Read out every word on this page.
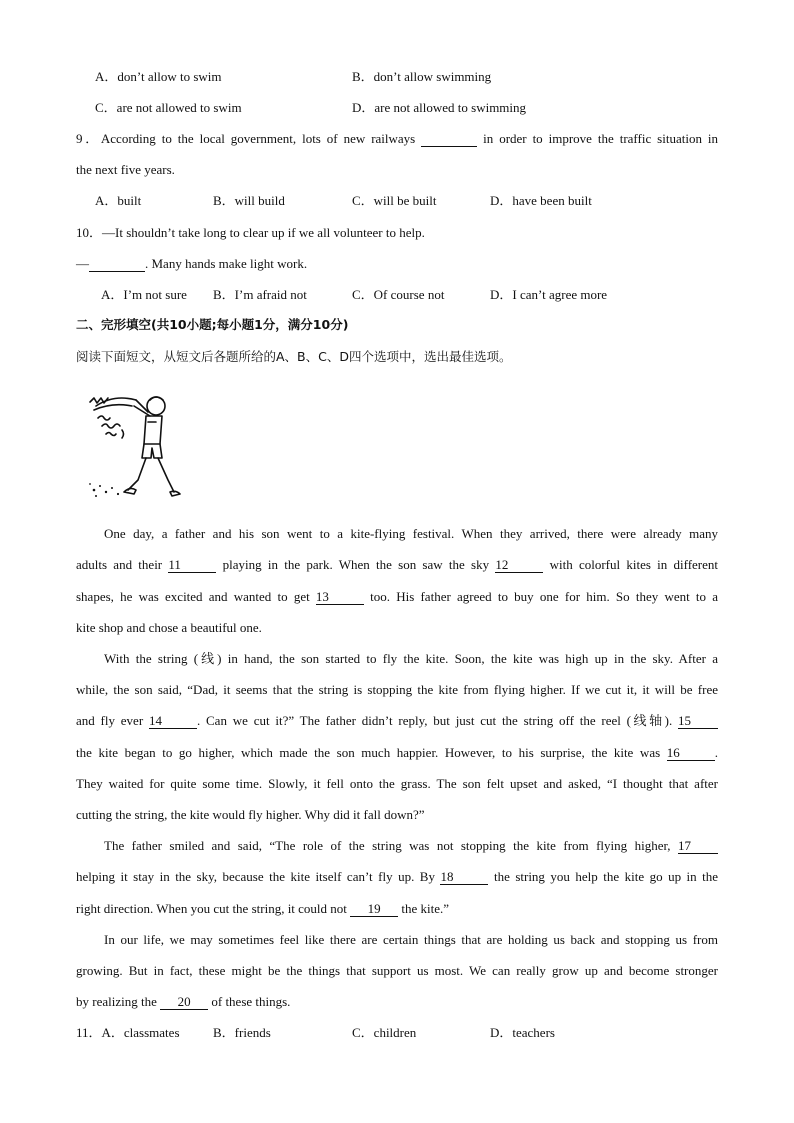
A．don’t allow to swim	B．don’t allow swimming
C．are not allowed to swim	D．are not allowed to swimming
9．According to the local government, lots of new railways	in order to improve the traffic situation in
the next five years.
A．built	B．will build	C．will be built	D．have been built
10．—It shouldn’t take long to clear up if we all volunteer to help.
—	. Many hands make light work.
A．I’m not sure B．I’m afraid not	C．Of course not	D．I can’t agree more
二、完形填空(共10小题;每小题1分，满分10分)
阅读下面短文，从短文后各题所给的A、B、C、D四个选项中，选出最佳选项。
One day, a father and his son went to a kite-flying festival. When they arrived, there were already many
adults and their 11	playing in the park. When the son saw the sky 12	with colorful kites in different
shapes, he was excited and wanted to get 13	too. His father agreed to buy one for him. So they went to a
kite shop and chose a beautiful one.
With the string (线) in hand, the son started to fly the kite. Soon, the kite was high up in the sky. After a
while, the son said, “Dad, it seems that the string is stopping the kite from flying higher. If we cut it, it will be free
and fly ever 14	. Can we cut it?” The father didn’t reply, but just cut the string off the reel (线轴). 15
the kite began to go higher, which made the son much happier. However, to his surprise, the kite was 16	.
They waited for quite some time. Slowly, it fell onto the grass. The son felt upset and asked, “I thought that after
cutting the string, the kite would fly higher. Why did it fall down?”
The father smiled and said, “The role of the string was not stopping the kite from flying higher, 17
helping it stay in the sky, because the kite itself can’t fly up. By 18	the string you help the kite go up in the
right direction. When you cut the string, it could not 19 the kite.”
In our life, we may sometimes feel like there are certain things that are holding us back and stopping us from
growing. But in fact, these might be the things that support us most. We can really grow up and become stronger
by realizing the 20 of these things.
11．A．classmates	B．friends	C．children	D．teachers
